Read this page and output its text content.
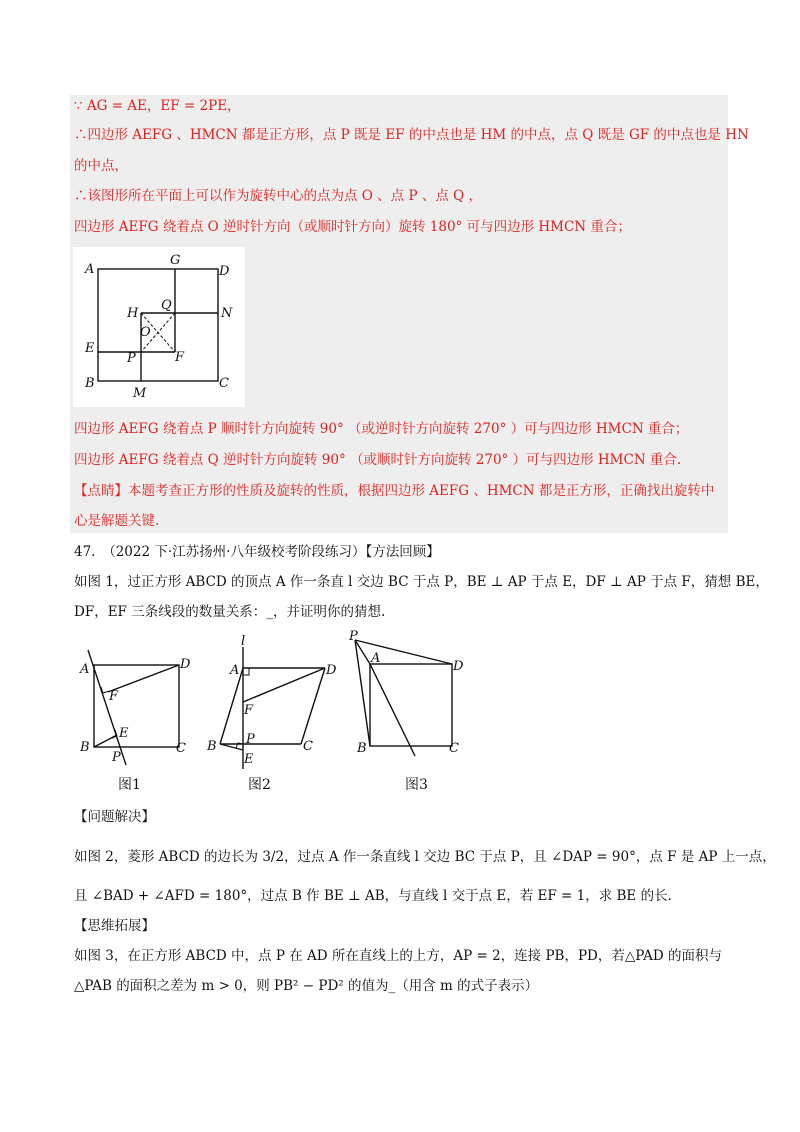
∵ AG = AE，EF = 2PE，
∴四边形 AEFG 、HMCN 都是正方形，点 P 既是 EF 的中点也是 HM 的中点，点 Q 既是 GF 的中点也是 HN
的中点，
∴该图形所在平面上可以作为旋转中心的点为点 O 、点 P 、点 Q ，
四边形 AEFG 绕着点 O 逆时针方向（或顺时针方向）旋转 180° 可与四边形 HMCN 重合；
A
G
D
H
Q
N
O
E
P	F
B
M
C
四边形 AEFG 绕着点 P 顺时针方向旋转 90° （或逆时针方向旋转 270° ）可与四边形 HMCN 重合；
四边形 AEFG 绕着点 Q 逆时针方向旋转 90° （或顺时针方向旋转 270° ）可与四边形 HMCN 重合.
【点睛】本题考查正方形的性质及旋转的性质，根据四边形 AEFG 、HMCN 都是正方形，正确找出旋转中
心是解题关键.
47.　（2022 下·江苏扬州·八年级校考阶段练习）【方法回顾】
如图 1，过正方形 ABCD 的顶点 A 作一条直 l 交边 BC 于点 P，BE ⊥ AP 于点 E，DF ⊥ AP 于点 F，猜想 BE，
DF，EF 三条线段的数量关系：_，并证明你的猜想.
A	D
F
E
B
P
C
图1
l
A	D
F
B P
E
C
图2
P
A
D
B	C
图3
【问题解决】
如图 2，菱形 ABCD 的边长为 3/2，过点 A 作一条直线 l 交边 BC 于点 P，且 ∠DAP = 90°，点 F 是 AP 上一点，
且 ∠BAD + ∠AFD = 180°，过点 B 作 BE ⊥ AB，与直线 l 交于点 E，若 EF = 1，求 BE 的长.
【思维拓展】
如图 3，在正方形 ABCD 中，点 P 在 AD 所在直线上的上方，AP = 2，连接 PB，PD，若△PAD 的面积与
△PAB 的面积之差为 m > 0，则 PB² − PD² 的值为_（用含 m 的式子表示）
